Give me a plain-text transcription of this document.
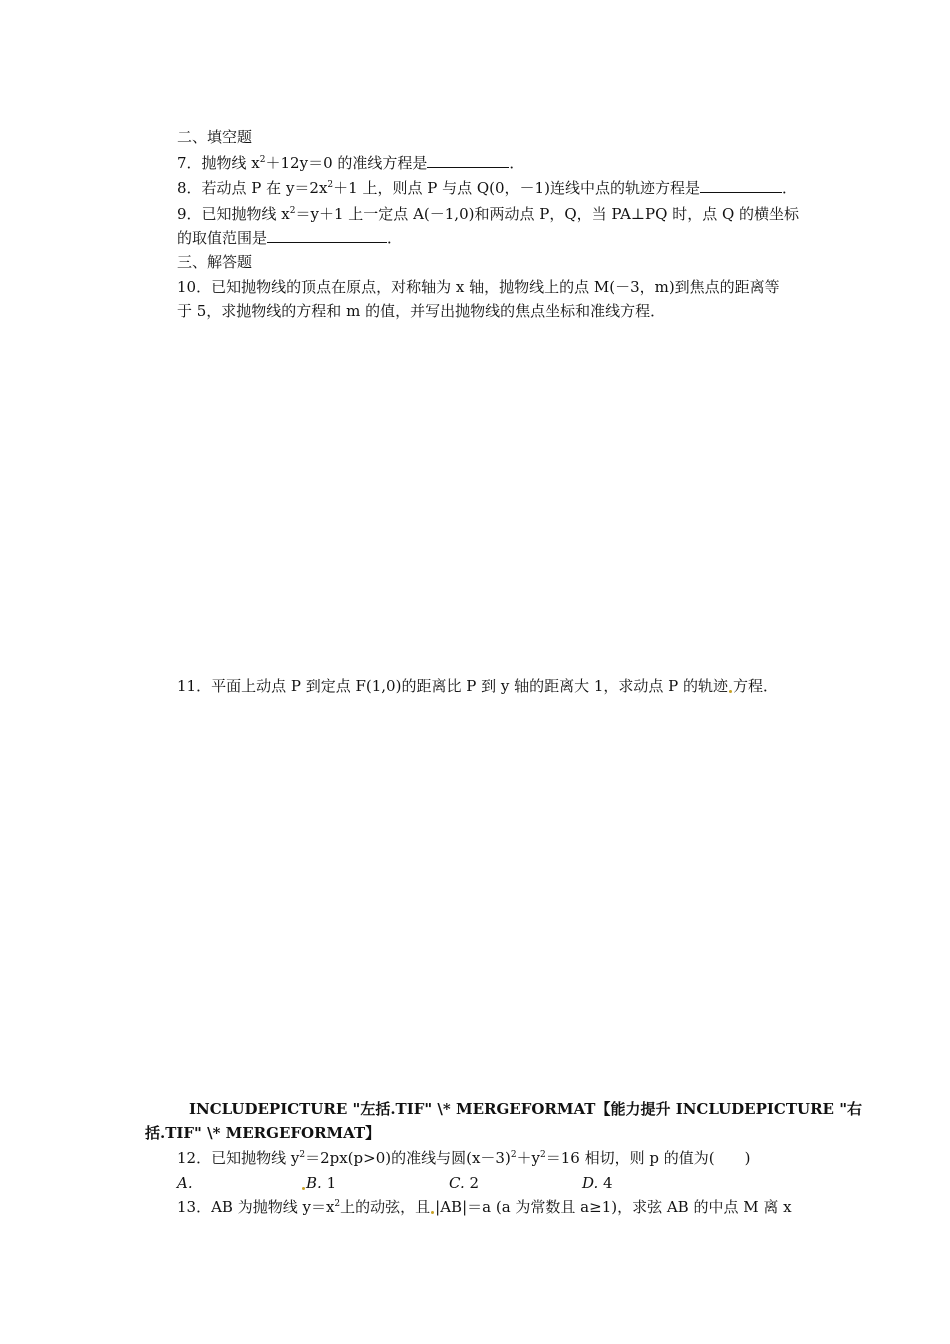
二、填空题
7．抛物线 $x^2+12y=0$ 的准线方程是	．
8．若动点 P 在 $y=2x^2+1$ 上，则点 P 与点 Q(0，－1)连线中点的轨迹方程是	．
9．已知抛物线 $x^2=y+1$ 上一定点 A(－1,0)和两动点 P，Q，当 PA⊥PQ 时，点 Q 的横坐标
的取值范围是	．
三、解答题
10．已知抛物线的顶点在原点，对称轴为 x 轴，抛物线上的点 M(－3，m)到焦点的距离等
于 5，求抛物线的方程和 m 的值，并写出抛物线的焦点坐标和准线方程．
11．平面上动点 P 到定点 F(1,0)的距离比 P 到 y 轴的距离大 1，求动点 P 的轨迹 方程．
INCLUDEPICTURE "左括.TIF" \* MERGEFORMAT【能力提升 INCLUDEPICTURE "右
括.TIF" \* MERGEFORMAT】
12．已知抛物线 $y^2=2px(p>0)$的准线与圆$(x-3)^2+y^2=16$ 相切，则 p 的值为(　　)
A.	B. 1	C. 2	D. 4
13．AB 为抛物线 $y=x^2$上的动弦，且 |AB|＝a (a 为常数且 a≥1)，求弦 AB 的中点 M 离 x
